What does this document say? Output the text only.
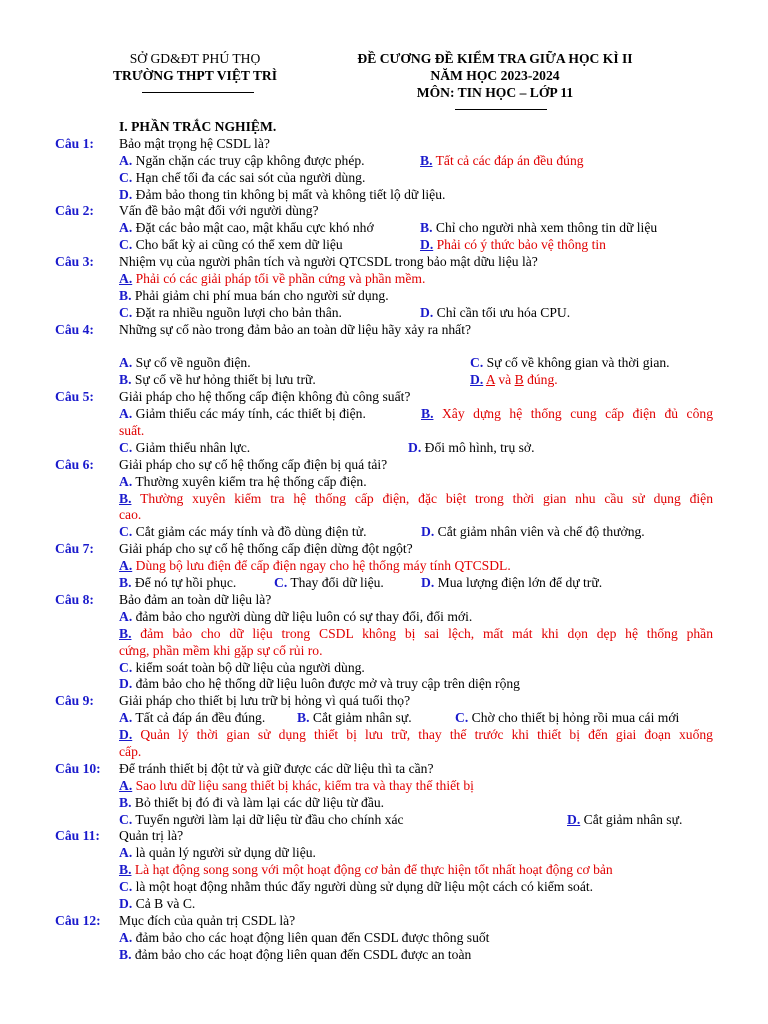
SỞ GD&ĐT PHÚ THỌ
TRƯỜNG THPT VIỆT TRÌ
ĐỀ CƯƠNG ĐỀ KIỂM TRA GIỮA HỌC KÌ II
NĂM HỌC 2023-2024
MÔN: TIN HỌC – LỚP 11
I. PHẦN TRẮC NGHIỆM.
Câu 1: Bảo mật trọng hệ CSDL là?
A. Ngăn chặn các truy cập không được phép.	B. Tất cả các đáp án đều đúng
C. Hạn chế tối đa các sai sót của người dùng.
D. Đảm bảo thong tin không bị mất và không tiết lộ dữ liệu.
Câu 2: Vấn đề bảo mật đối với người dùng?
A. Đặt các bảo mật cao, mật khẩu cực khó nhớ	B. Chỉ cho người nhà xem thông tin dữ liệu
C. Cho bất kỳ ai cũng có thể xem dữ liệu	D. Phải có ý thức bảo vệ thông tin
Câu 3: Nhiệm vụ của người phân tích và người QTCSDL trong bảo mật dữu liệu là?
A. Phải có các giải pháp tối về phần cứng và phần mềm.
B. Phải giảm chi phí mua bán cho người sử dụng.
C. Đặt ra nhiều nguồn lượi cho bản thân.	D. Chỉ cần tối ưu hóa CPU.
Câu 4: Những sự cố nào trong đảm bảo an toàn dữ liệu hãy xảy ra nhất?
A. Sự cố về nguồn điện.	C. Sự cố về không gian và thời gian.
B. Sự cố về hư hỏng thiết bị lưu trữ.	D. A và B đúng.
Câu 5: Giải pháp cho hệ thống cấp điện không đủ công suất?
A. Giảm thiểu các máy tính, các thiết bị điện.	B. Xây dựng hệ thống cung cấp điện đủ công
suất.
C. Giảm thiểu nhân lực.	D. Đổi mô hình, trụ sở.
Câu 6: Giải pháp cho sự cố hệ thống cấp điện bị quá tải?
A. Thường xuyên kiểm tra hệ thống cấp điện.
B. Thường xuyên kiểm tra hệ thống cấp điện, đặc biệt trong thời gian nhu cầu sử dụng điện
cao.
C. Cắt giảm các máy tính và đồ dùng điện tử.	D. Cắt giảm nhân viên và chế độ thưởng.
Câu 7: Giải pháp cho sự cố hệ thống cấp điện dừng đột ngột?
A. Dùng bộ lưu điện để cấp điện ngay cho hệ thống máy tính QTCSDL.
B. Để nó tự hồi phục.	C. Thay đổi dữ liệu.	D. Mua lượng điện lớn để dự trữ.
Câu 8: Bảo đảm an toàn dữ liệu là?
A. đảm bảo cho người dùng dữ liệu luôn có sự thay đổi, đổi mới.
B. đảm bảo cho dữ liệu trong CSDL không bị sai lệch, mất mát khi dọn dẹp hệ thống phần
cứng, phần mềm khi gặp sự cố rủi ro.
C. kiểm soát toàn bộ dữ liệu của người dùng.
D. đảm bảo cho hệ thống dữ liệu luôn được mở và truy cập trên diện rộng
Câu 9: Giải pháp cho thiết bị lưu trữ bị hỏng vì quá tuổi thọ?
A. Tất cả đáp án đều đúng. B. Cắt giảm nhân sự.	C. Chờ cho thiết bị hỏng rồi mua cái mới
D. Quản lý thời gian sử dụng thiết bị lưu trữ, thay thế trước khi thiết bị đến giai đoạn xuống
cấp.
Câu 10: Để tránh thiết bị đột tử và giữ được các dữ liệu thì ta cần?
A. Sao lưu dữ liệu sang thiết bị khác, kiểm tra và thay thế thiết bị
B. Bỏ thiết bị đó đi và làm lại các dữ liệu từ đầu.
C. Tuyển người làm lại dữ liệu từ đầu cho chính xác	D. Cắt giảm nhân sự.
Câu 11: Quản trị là?
A. là quản lý người sử dụng dữ liệu.
B. Là hạt động song song với một hoạt động cơ bản để thực hiện tốt nhất hoạt động cơ bản
C. là một hoạt động nhằm thúc đẩy người dùng sử dụng dữ liệu một cách có kiểm soát.
D. Cả B và C.
Câu 12: Mục đích của quản trị CSDL là?
A. đảm bảo cho các hoạt động liên quan đến CSDL được thông suốt
B. đảm bảo cho các hoạt động liên quan đến CSDL được an toàn
